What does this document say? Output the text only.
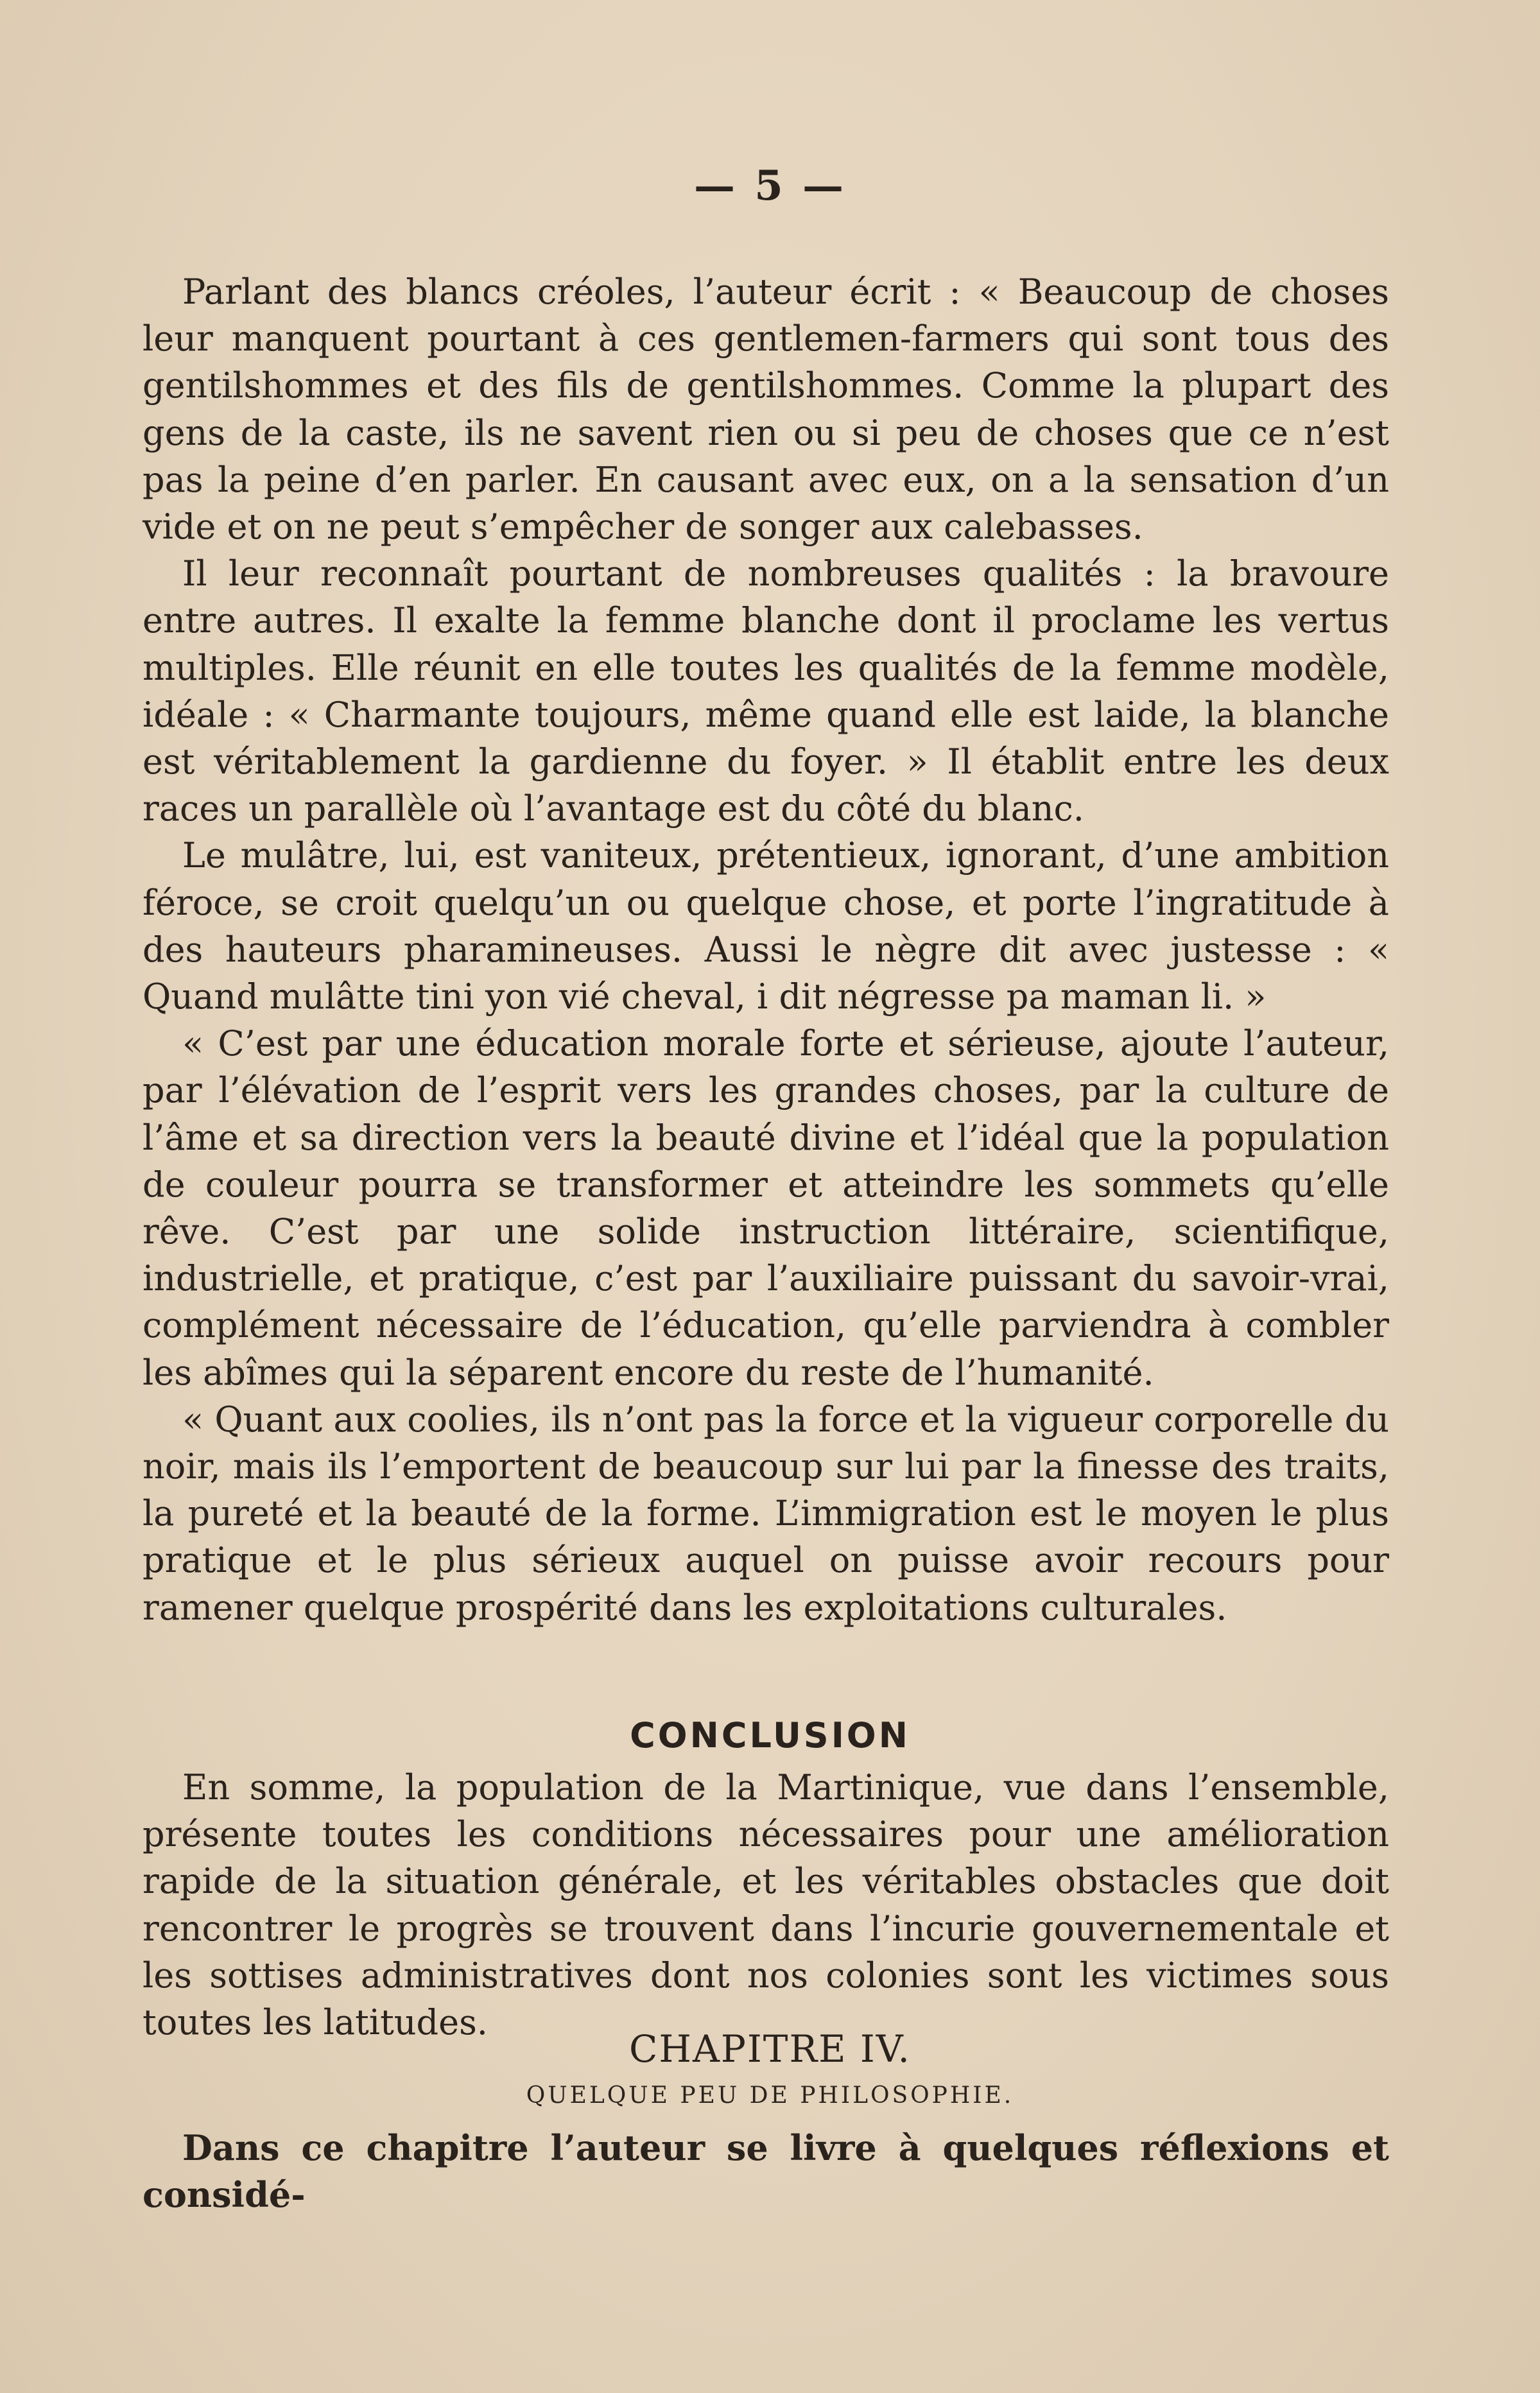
— 5 —

Parlant des blancs créoles, l’auteur écrit : « Beaucoup de choses leur manquent pourtant à ces gentlemen-farmers qui sont tous des gentilshommes et des fils de gentilshommes. Comme la plupart des gens de la caste, ils ne savent rien ou si peu de choses que ce n’est pas la peine d’en parler. En causant avec eux, on a la sensation d’un vide et on ne peut s’empêcher de songer aux calebasses.

Il leur reconnaît pourtant de nombreuses qualités : la bravoure entre autres. Il exalte la femme blanche dont il proclame les vertus multiples. Elle réunit en elle toutes les qualités de la femme modèle, idéale : « Charmante toujours, même quand elle est laide, la blanche est véritablement la gardienne du foyer. » Il établit entre les deux races un parallèle où l’avantage est du côté du blanc.

Le mulâtre, lui, est vaniteux, prétentieux, ignorant, d’une ambition féroce, se croit quelqu’un ou quelque chose, et porte l’ingratitude à des hauteurs pharamineuses. Aussi le nègre dit avec justesse : « Quand mulâtte tini yon vié cheval, i dit négresse pa maman li. »

« C’est par une éducation morale forte et sérieuse, ajoute l’auteur, par l’élévation de l’esprit vers les grandes choses, par la culture de l’âme et sa direction vers la beauté divine et l’idéal que la population de couleur pourra se transformer et atteindre les sommets qu’elle rêve. C’est par une solide instruction littéraire, scientifique, industrielle, et pratique, c’est par l’auxiliaire puissant du savoir-vrai, complément nécessaire de l’éducation, qu’elle parviendra à combler les abîmes qui la séparent encore du reste de l’humanité.

« Quant aux coolies, ils n’ont pas la force et la vigueur corporelle du noir, mais ils l’emportent de beaucoup sur lui par la finesse des traits, la pureté et la beauté de la forme. L’immigration est le moyen le plus pratique et le plus sérieux auquel on puisse avoir recours pour ramener quelque prospérité dans les exploitations culturales.

CONCLUSION

En somme, la population de la Martinique, vue dans l’ensemble, présente toutes les conditions nécessaires pour une amélioration rapide de la situation générale, et les véritables obstacles que doit rencontrer le progrès se trouvent dans l’incurie gouvernementale et les sottises administratives dont nos colonies sont les victimes sous toutes les latitudes.

CHAPITRE IV.
QUELQUE PEU DE PHILOSOPHIE.

Dans ce chapitre l’auteur se livre à quelques réflexions et considé-
